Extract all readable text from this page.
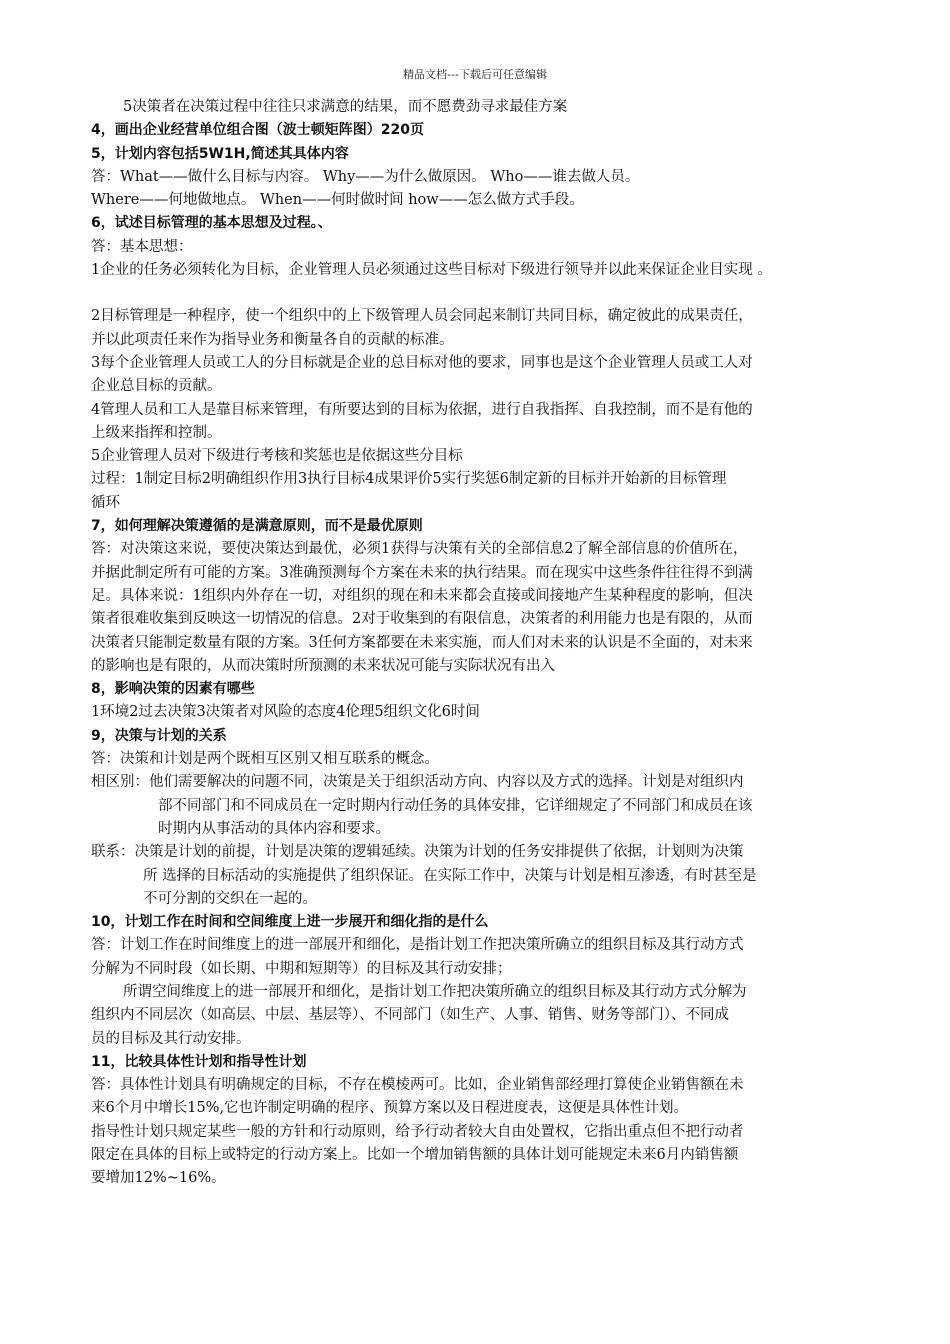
精品文档---下载后可任意编辑
5决策者在决策过程中往往只求满意的结果，而不愿费劲寻求最佳方案
4，画出企业经营单位组合图（波士顿矩阵图）220页
5，计划内容包括5W1H,简述其具体内容
答：What——做什么目标与内容。 Why——为什么做原因。 Who——谁去做人员。
Where——何地做地点。 When——何时做时间 how——怎么做方式手段。
6，试述目标管理的基本思想及过程。、
答：基本思想：
1企业的任务必须转化为目标，企业管理人员必须通过这些目标对下级进行领导并以此来保证企业目实现 。
2目标管理是一种程序，使一个组织中的上下级管理人员会同起来制订共同目标，确定彼此的成果责任，
并以此项责任来作为指导业务和衡量各自的贡献的标准。
3每个企业管理人员或工人的分目标就是企业的总目标对他的要求，同事也是这个企业管理人员或工人对
企业总目标的贡献。
4管理人员和工人是靠目标来管理，有所要达到的目标为依据，进行自我指挥、自我控制，而不是有他的
上级来指挥和控制。
5企业管理人员对下级进行考核和奖惩也是依据这些分目标
过程：1制定目标2明确组织作用3执行目标4成果评价5实行奖惩6制定新的目标并开始新的目标管理
循环
7，如何理解决策遵循的是满意原则，而不是最优原则
答：对决策这来说，要使决策达到最优，必须1获得与决策有关的全部信息2了解全部信息的价值所在，
并据此制定所有可能的方案。3准确预测每个方案在未来的执行结果。而在现实中这些条件往往得不到满
足。具体来说：1组织内外存在一切，对组织的现在和未来都会直接或间接地产生某种程度的影响，但决
策者很难收集到反映这一切情况的信息。2对于收集到的有限信息，决策者的利用能力也是有限的，从而
决策者只能制定数量有限的方案。3任何方案都要在未来实施，而人们对未来的认识是不全面的，对未来
的影响也是有限的，从而决策时所预测的未来状况可能与实际状况有出入
8，影响决策的因素有哪些
1环境2过去决策3决策者对风险的态度4伦理5组织文化6时间
9，决策与计划的关系
答：决策和计划是两个既相互区别又相互联系的概念。
相区别：他们需要解决的问题不同，决策是关于组织活动方向、内容以及方式的选择。计划是对组织内
部不同部门和不同成员在一定时期内行动任务的具体安排，它详细规定了不同部门和成员在该
时期内从事活动的具体内容和要求。
联系：决策是计划的前提，计划是决策的逻辑延续。决策为计划的任务安排提供了依据，计划则为决策
所 选择的目标活动的实施提供了组织保证。在实际工作中，决策与计划是相互渗透，有时甚至是
不可分割的交织在一起的。
10，计划工作在时间和空间维度上进一步展开和细化指的是什么
答：计划工作在时间维度上的进一部展开和细化，是指计划工作把决策所确立的组织目标及其行动方式
分解为不同时段（如长期、中期和短期等）的目标及其行动安排；
所谓空间维度上的进一部展开和细化，是指计划工作把决策所确立的组织目标及其行动方式分解为
组织内不同层次（如高层、中层、基层等）、不同部门（如生产、人事、销售、财务等部门）、不同成
员的目标及其行动安排。
11，比较具体性计划和指导性计划
答：具体性计划具有明确规定的目标，不存在模棱两可。比如，企业销售部经理打算使企业销售额在未
来6个月中增长15%,它也许制定明确的程序、预算方案以及日程进度表，这便是具体性计划。
指导性计划只规定某些一般的方针和行动原则，给予行动者较大自由处置权，它指出重点但不把行动者
限定在具体的目标上或特定的行动方案上。比如一个增加销售额的具体计划可能规定未来6月内销售额
要增加12%~16%。
